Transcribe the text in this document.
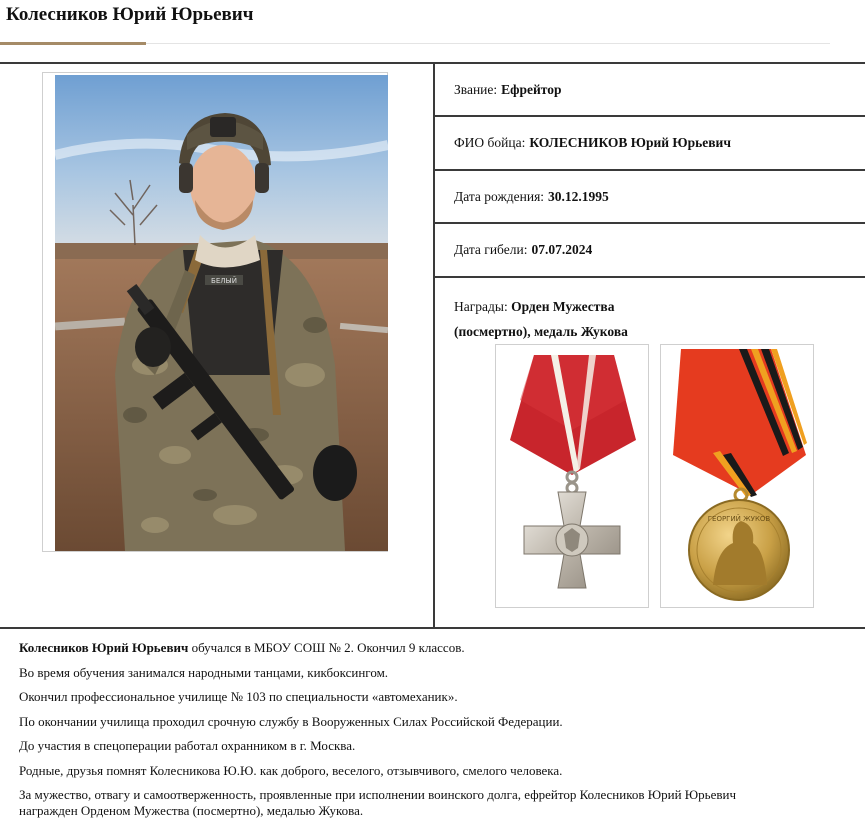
Колесников Юрий Юрьевич
БЕЛЫЙ
Звание: Ефрейтор
ФИО бойца: КОЛЕСНИКОВ Юрий Юрьевич
Дата рождения: 30.12.1995
Дата гибели: 07.07.2024
Награды: Орден Мужества
(посмертно), медаль Жукова
ГЕОРГИЙ ЖУКОВ

Колесников Юрий Юрьевич обучался в МБОУ СОШ № 2. Окончил 9 классов.

Во время обучения занимался народными танцами, кикбоксингом.

Окончил профессиональное училище № 103 по специальности «автомеханик».

По окончании училища проходил срочную службу в Вооруженных Силах Российской Федерации.

До участия в спецоперации работал охранником в г. Москва.

Родные, друзья помнят Колесникова Ю.Ю. как доброго, веселого, отзывчивого, смелого человека.

За мужество, отвагу и самоотверженность, проявленные при исполнении воинского долга, ефрейтор Колесников Юрий Юрьевич
награжден Орденом Мужества (посмертно), медалью Жукова.
